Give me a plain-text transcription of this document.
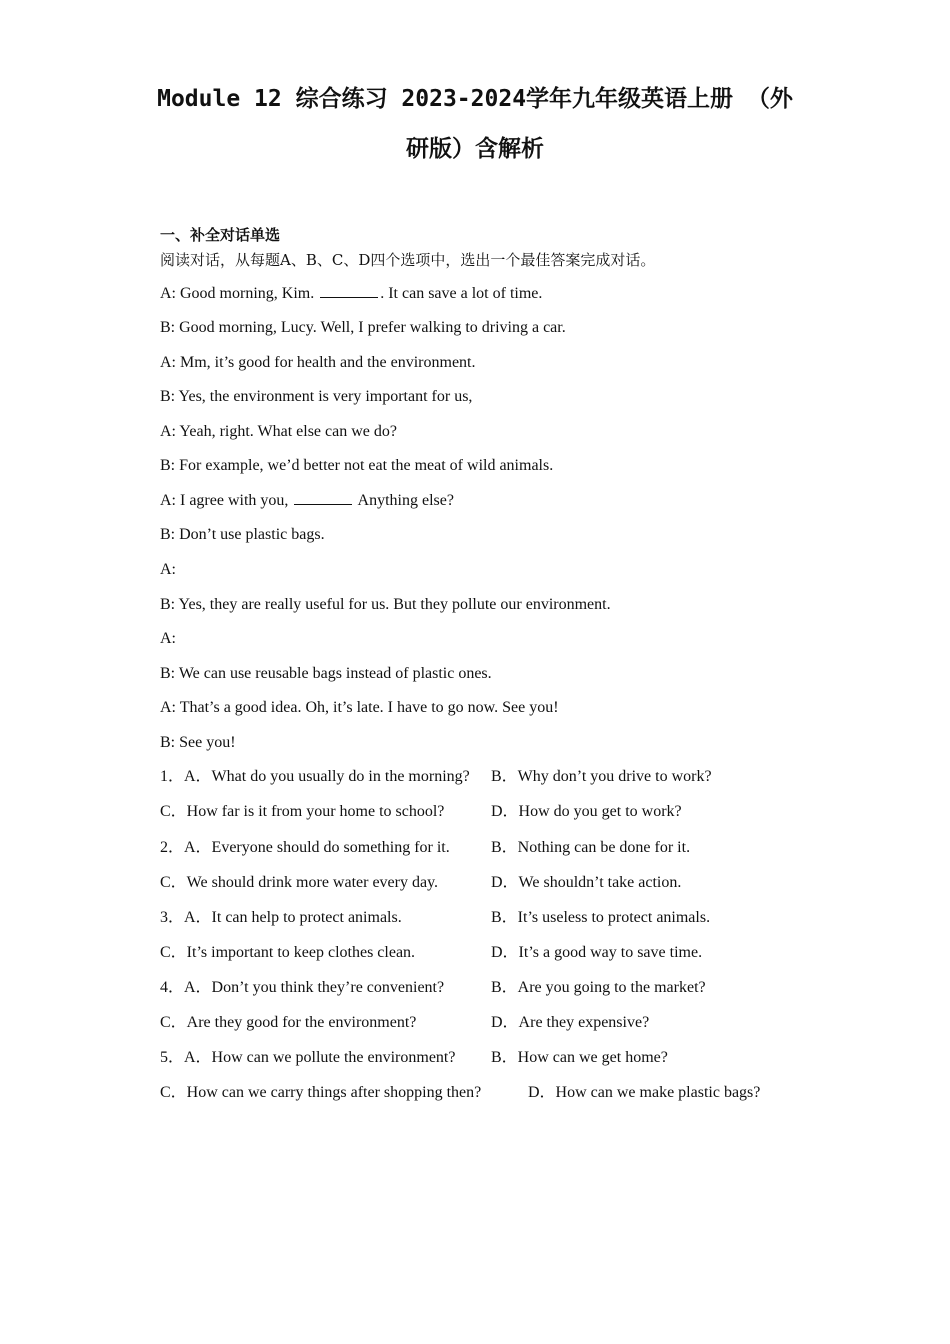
Module 12 综合练习 2023-2024学年九年级英语上册 （外
研版）含解析
一、补全对话单选
阅读对话，从每题A、B、C、D四个选项中，选出一个最佳答案完成对话。
A: Good morning, Kim.	. It can save a lot of time.
B: Good morning, Lucy. Well, I prefer walking to driving a car.
A: Mm, it’s good for health and the environment.
B: Yes, the environment is very important for us,
A: Yeah, right. What else can we do?
B: For example, we’d better not eat the meat of wild animals.
A: I agree with you,	Anything else?
B: Don’t use plastic bags.
A:
B: Yes, they are really useful for us. But they pollute our environment.
A:
B: We can use reusable bags instead of plastic ones.
A: That’s a good idea. Oh, it’s late. I have to go now. See you!
B: See you!
1．A．What do you usually do in the morning? B．Why don’t you drive to work?
C．How far is it from your home to school?	D．How do you get to work?
2．A．Everyone should do something for it.	B．Nothing can be done for it.
C．We should drink more water every day.	D．We shouldn’t take action.
3．A．It can help to protect animals.	B．It’s useless to protect animals.
C．It’s important to keep clothes clean.	D．It’s a good way to save time.
4．A．Don’t you think they’re convenient?	B．Are you going to the market?
C．Are they good for the environment?	D．Are they expensive?
5．A．How can we pollute the environment? B．How can we get home?
C．How can we carry things after shopping then?	D．How can we make plastic bags?
